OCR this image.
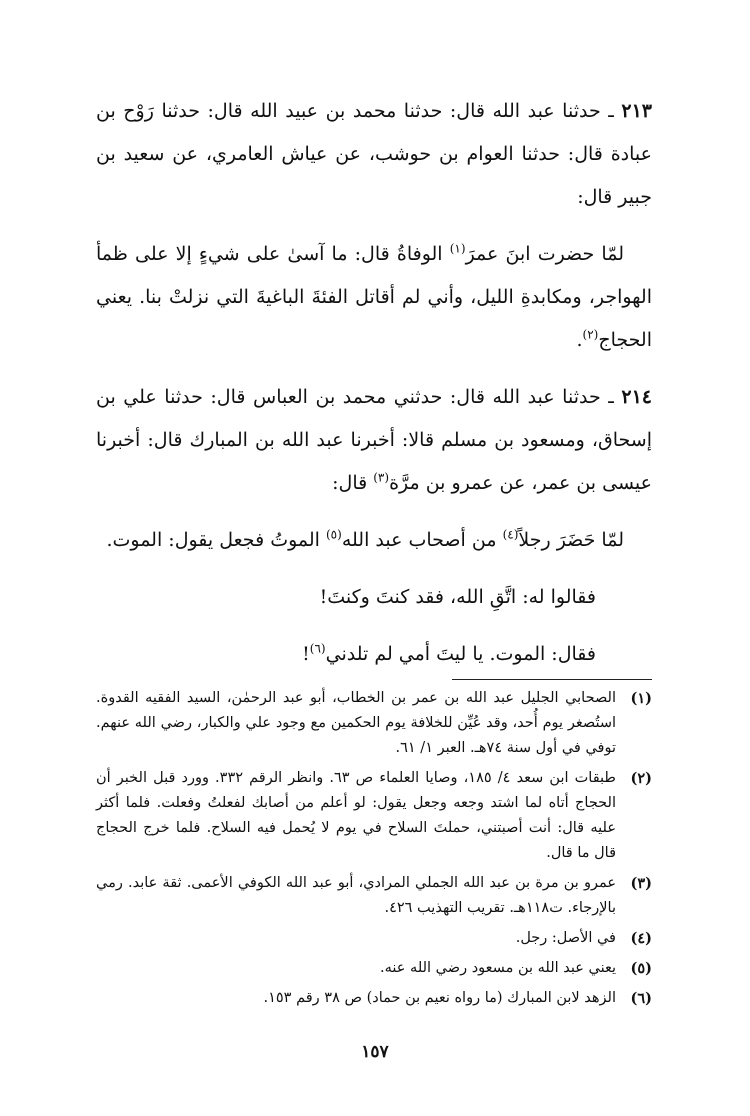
٢١٣ ـ حدثنا عبد الله قال: حدثنا محمد بن عبيد الله قال: حدثنا رَوْح بن عبادة قال: حدثنا العوام بن حوشب، عن عياش العامري، عن سعيد بن جبير قال:

لمّا حضرت ابنَ عمرَ$^{(١)}$ الوفاةُ قال: ما آسىٰ على شيءٍ إلا على ظمأ الهواجر، ومكابدةِ الليل، وأني لم أقاتل الفئةَ الباغيةَ التي نزلتْ بنا. يعني الحجاج$^{(٢)}$.

٢١٤ ـ حدثنا عبد الله قال: حدثني محمد بن العباس قال: حدثنا علي بن إسحاق، ومسعود بن مسلم قالا: أخبرنا عبد الله بن المبارك قال: أخبرنا عيسى بن عمر، عن عمرو بن مرَّة$^{(٣)}$ قال:

لمّا حَضَرَ رجلاً$^{(٤)}$ من أصحاب عبد الله$^{(٥)}$ الموتُ فجعل يقول: الموت.

فقالوا له: اتَّقِ الله، فقد كنتَ وكنتَ!

فقال: الموت. يا ليتَ أمي لم تلدني$^{(٦)}$!

(١)
الصحابي الجليل عبد الله بن عمر بن الخطاب، أبو عبد الرحمٰن، السيد الفقيه القدوة. استُصغر يوم أُحد، وقد عُيِّن للخلافة يوم الحكمين مع وجود علي والكبار، رضي الله عنهم. توفي في أول سنة ٧٤هـ. العبر ١/ ٦١.
(٢)
طبقات ابن سعد ٤/ ١٨٥، وصايا العلماء ص ٦٣. وانظر الرقم ٣٣٢. وورد قبل الخبر أن الحجاج أتاه لما اشتد وجعه وجعل يقول: لو أعلم من أصابك لفعلتُ وفعلت. فلما أكثر عليه قال: أنت أصبتني، حملتَ السلاح في يوم لا يُحمل فيه السلاح. فلما خرج الحجاج قال ما قال.
(٣)
عمرو بن مرة بن عبد الله الجملي المرادي، أبو عبد الله الكوفي الأعمى. ثقة عابد. رمي بالإرجاء. ت١١٨هـ. تقريب التهذيب ٤٢٦.
(٤)
في الأصل: رجل.
(٥)
يعني عبد الله بن مسعود رضي الله عنه.
(٦)
الزهد لابن المبارك (ما رواه نعيم بن حماد) ص ٣٨ رقم ١٥٣.
١٥٧
